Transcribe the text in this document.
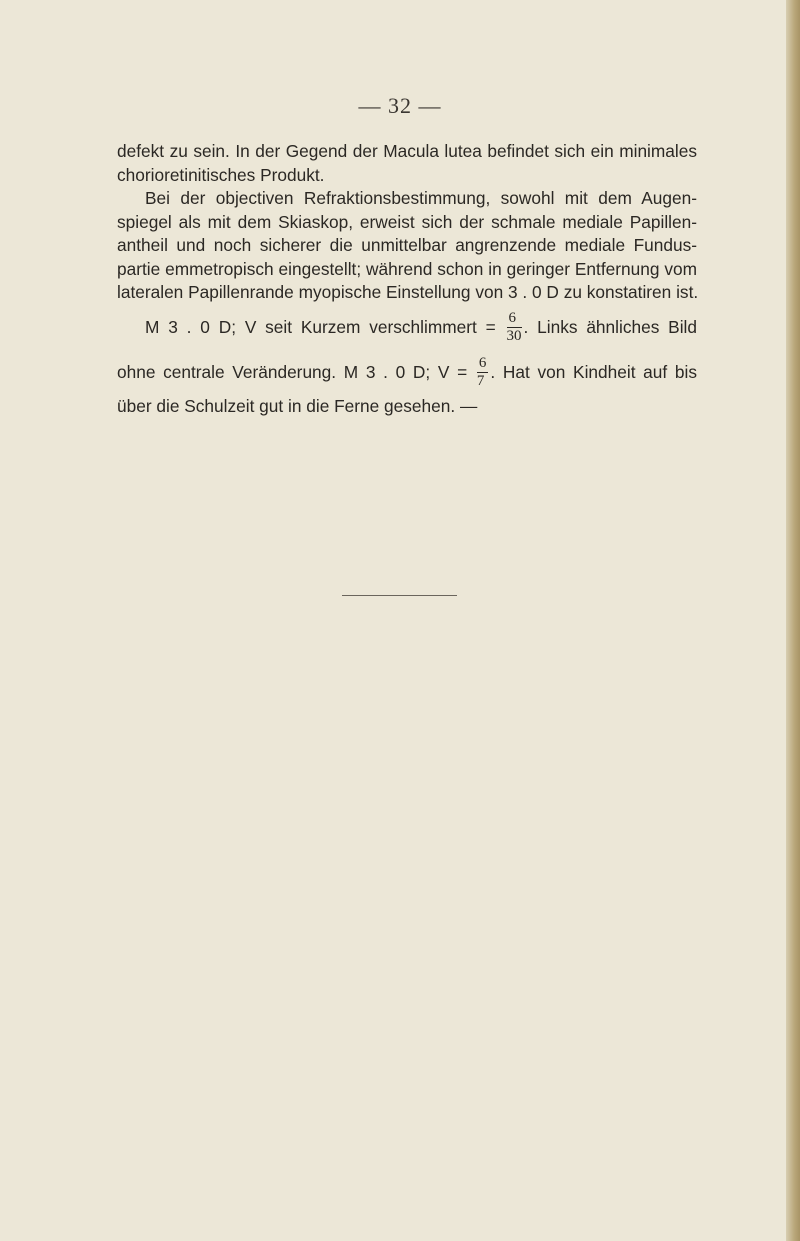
— 32 —
defekt zu sein. In der Gegend der Macula lutea befindet sich ein minimales
chorioretinitisches Produkt.
Bei der objectiven Refraktionsbestimmung, sowohl mit dem Augen-
spiegel als mit dem Skiaskop, erweist sich der schmale mediale Papillen-
antheil und noch sicherer die unmittelbar angrenzende mediale Fundus-
partie emmetropisch eingestellt; während schon in geringer Entfernung vom
lateralen Papillenrande myopische Einstellung von 3 . 0 D zu konstatiren ist.
M 3 . 0 D; V seit Kurzem verschlimmert = $\frac{6}{30}$ . Links ähnliches Bild
ohne centrale Veränderung. M 3 . 0 D; $V = \frac{6}{7}$ . Hat von Kindheit auf bis
über die Schulzeit gut in die Ferne gesehen. —
